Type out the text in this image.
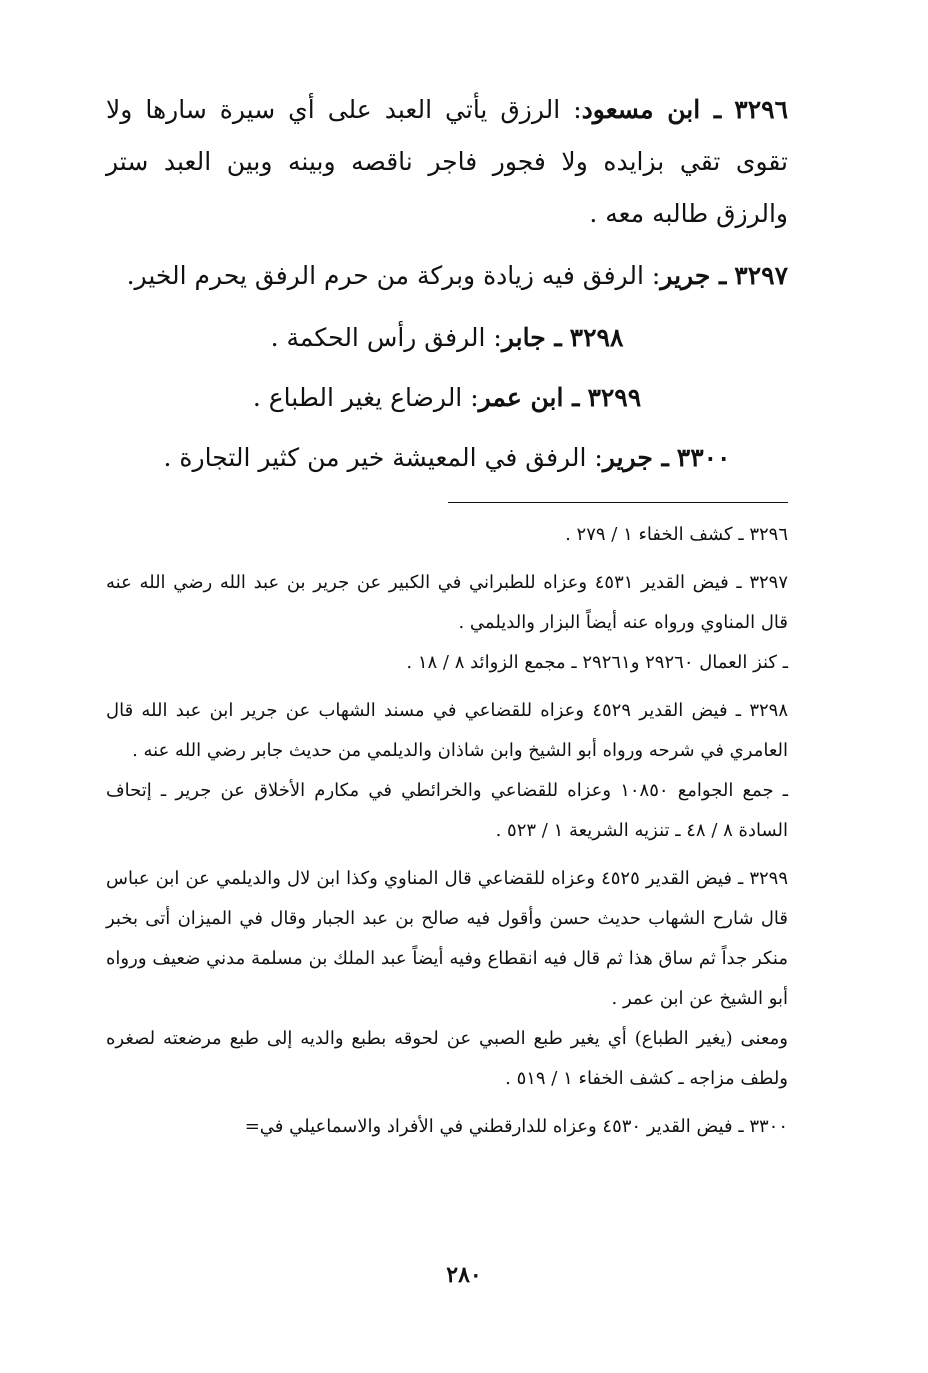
٣٢٩٦ ـ ابن مسعود: الرزق يأتي العبد على أي سيرة سارها ولا تقوى تقي بزايده ولا فجور فاجر ناقصه وبينه وبين العبد ستر والرزق طالبه معه .

٣٢٩٧ ـ جرير: الرفق فيه زيادة وبركة من حرم الرفق يحرم الخير.

٣٢٩٨ ـ جابر: الرفق رأس الحكمة .

٣٢٩٩ ـ ابن عمر: الرضاع يغير الطباع .

٣٣٠٠ ـ جرير: الرفق في المعيشة خير من كثير التجارة .

٣٢٩٦ ـ كشف الخفاء ١ / ٢٧٩ .

٣٢٩٧ ـ فيض القدير ٤٥٣١ وعزاه للطبراني في الكبير عن جرير بن عبد الله رضي الله عنه قال المناوي ورواه عنه أيضاً البزار والديلمي .

ـ كنز العمال ٢٩٢٦٠ و٢٩٢٦١ ـ مجمع الزوائد ٨ / ١٨ .

٣٢٩٨ ـ فيض القدير ٤٥٢٩ وعزاه للقضاعي في مسند الشهاب عن جرير ابن عبد الله قال العامري في شرحه ورواه أبو الشيخ وابن شاذان والديلمي من حديث جابر رضي الله عنه .

ـ جمع الجوامع ١٠٨٥٠ وعزاه للقضاعي والخرائطي في مكارم الأخلاق عن جرير ـ إتحاف السادة ٨ / ٤٨ ـ تنزيه الشريعة ١ / ٥٢٣ .

٣٢٩٩ ـ فيض القدير ٤٥٢٥ وعزاه للقضاعي قال المناوي وكذا ابن لال والديلمي عن ابن عباس قال شارح الشهاب حديث حسن وأقول فيه صالح بن عبد الجبار وقال في الميزان أتى بخبر منكر جداً ثم ساق هذا ثم قال فيه انقطاع وفيه أيضاً عبد الملك بن مسلمة مدني ضعيف ورواه أبو الشيخ عن ابن عمر .

ومعنى (يغير الطباع) أي يغير طبع الصبي عن لحوقه بطبع والديه إلى طبع مرضعته لصغره ولطف مزاجه ـ كشف الخفاء ١ / ٥١٩ .

٣٣٠٠ ـ فيض القدير ٤٥٣٠ وعزاه للدارقطني في الأفراد والاسماعيلي في=

٢٨٠
